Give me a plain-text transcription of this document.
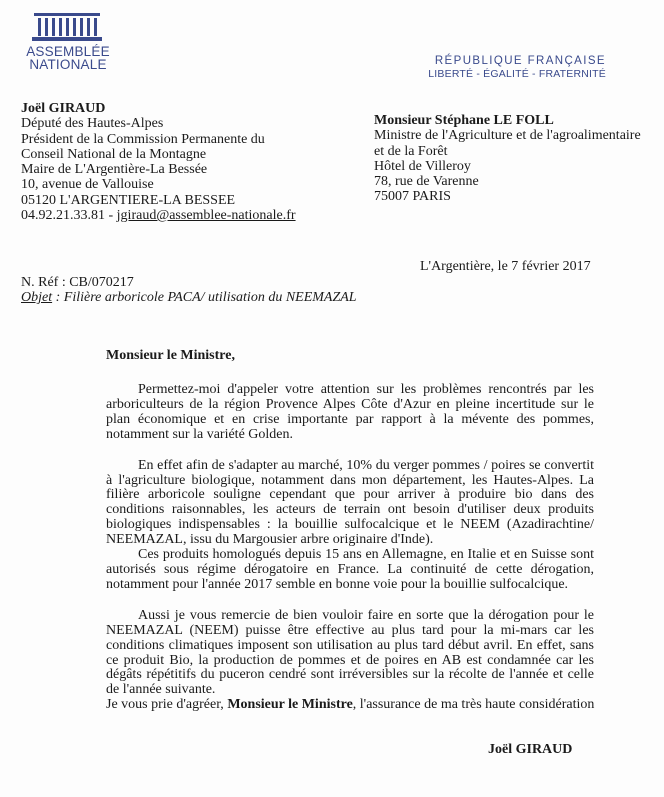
ASSEMBLÉE
NATIONALE	RÉPUBLIQUE FRANÇAISE
LIBERTÉ - ÉGALITÉ - FRATERNITÉ
Joël GIRAUD
Député des Hautes-Alpes
Président de la Commission Permanente du
Conseil National de la Montagne
Maire de L'Argentière-La Bessée
10, avenue de Vallouise
05120 L'ARGENTIERE-LA BESSEE
04.92.21.33.81 - jgiraud@assemblee-nationale.fr
Monsieur Stéphane LE FOLL
Ministre de l'Agriculture et de l'agroalimentaire
et de la Forêt
Hôtel de Villeroy
78, rue de Varenne
75007 PARIS
L'Argentière, le 7 février 2017
N. Réf : CB/070217
Objet : Filière arboricole PACA/ utilisation du NEEMAZAL
Monsieur le Ministre,

Permettez-moi d'appeler votre attention sur les problèmes rencontrés par les arboriculteurs de la région Provence Alpes Côte d'Azur en pleine incertitude sur le plan économique et en crise importante par rapport à la mévente des pommes, notamment sur la variété Golden.

En effet afin de s'adapter au marché, 10% du verger pommes / poires se convertit à l'agriculture biologique, notamment dans mon département, les Hautes-Alpes. La filière arboricole souligne cependant que pour arriver à produire bio dans des conditions raisonnables, les acteurs de terrain ont besoin d'utiliser deux produits biologiques indispensables : la bouillie sulfocalcique et le NEEM (Azadirachtine/ NEEMAZAL, issu du Margousier arbre originaire d'Inde).

Ces produits homologués depuis 15 ans en Allemagne, en Italie et en Suisse sont autorisés sous régime dérogatoire en France. La continuité de cette dérogation, notamment pour l'année 2017 semble en bonne voie pour la bouillie sulfocalcique.

Aussi je vous remercie de bien vouloir faire en sorte que la dérogation pour le NEEMAZAL (NEEM) puisse être effective au plus tard pour la mi-mars car les conditions climatiques imposent son utilisation au plus tard début avril. En effet, sans ce produit Bio, la production de pommes et de poires en AB est condamnée car les dégâts répétitifs du puceron cendré sont irréversibles sur la récolte de l'année et celle de l'année suivante.

Je vous prie d'agréer, Monsieur le Ministre, l'assurance de ma très haute considération
Joël GIRAUD
